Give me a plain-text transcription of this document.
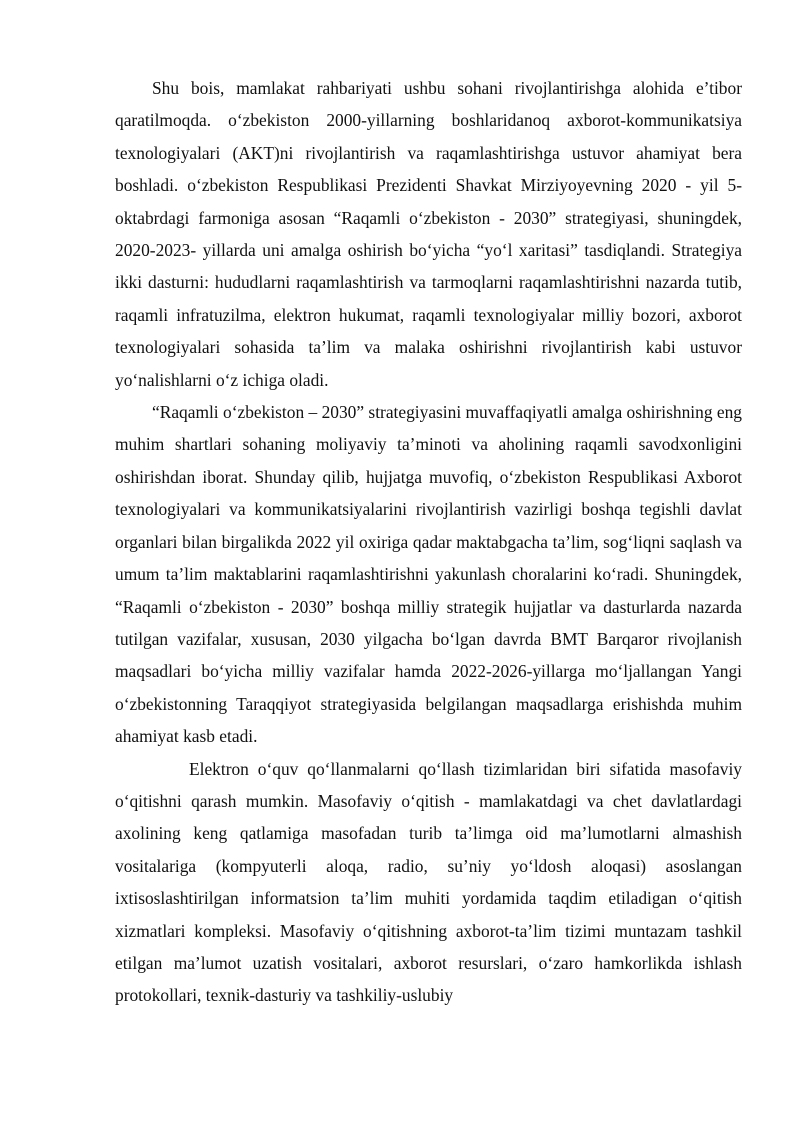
Shu bois, mamlakat rahbariyati ushbu sohani rivojlantirishga alohida e’tibor qaratilmoqda. o‘zbekiston 2000-yillarning boshlaridanoq axborot-kommunikatsiya texnologiyalari (AKT)ni rivojlantirish va raqamlashtirishga ustuvor ahamiyat bera boshladi. o‘zbekiston Respublikasi Prezidenti Shavkat Mirziyoyevning 2020 - yil 5-oktabrdagi farmoniga asosan “Raqamli o‘zbekiston - 2030” strategiyasi, shuningdek, 2020-2023- yillarda uni amalga oshirish bo‘yicha “yo‘l xaritasi” tasdiqlandi. Strategiya ikki dasturni: hududlarni raqamlashtirish va tarmoqlarni raqamlashtirishni nazarda tutib, raqamli infratuzilma, elektron hukumat, raqamli texnologiyalar milliy bozori, axborot texnologiyalari sohasida ta’lim va malaka oshirishni rivojlantirish kabi ustuvor yo‘nalishlarni o‘z ichiga oladi.

“Raqamli o‘zbekiston – 2030” strategiyasini muvaffaqiyatli amalga oshirishning eng muhim shartlari sohaning moliyaviy ta’minoti va aholining raqamli savodxonligini oshirishdan iborat. Shunday qilib, hujjatga muvofiq, o‘zbekiston Respublikasi Axborot texnologiyalari va kommunikatsiyalarini rivojlantirish vazirligi boshqa tegishli davlat organlari bilan birgalikda 2022 yil oxiriga qadar maktabgacha ta’lim, sog‘liqni saqlash va umum ta’lim maktablarini raqamlashtirishni yakunlash choralarini ko‘radi. Shuningdek, “Raqamli o‘zbekiston - 2030” boshqa milliy strategik hujjatlar va dasturlarda nazarda tutilgan vazifalar, xususan, 2030 yilgacha bo‘lgan davrda BMT Barqaror rivojlanish maqsadlari bo‘yicha milliy vazifalar hamda 2022-2026-yillarga mo‘ljallangan Yangi o‘zbekistonning Taraqqiyot strategiyasida belgilangan maqsadlarga erishishda muhim ahamiyat kasb etadi.

Elektron o‘quv qo‘llanmalarni qo‘llash tizimlaridan biri sifatida masofaviy o‘qitishni qarash mumkin. Masofaviy o‘qitish - mamlakatdagi va chet davlatlardagi axolining keng qatlamiga masofadan turib ta’limga oid ma’lumotlarni almashish vositalariga (kompyuterli aloqa, radio, su’niy yo‘ldosh aloqasi) asoslangan ixtisoslashtirilgan informatsion ta’lim muhiti yordamida taqdim etiladigan o‘qitish xizmatlari kompleksi. Masofaviy o‘qitishning axborot-ta’lim tizimi muntazam tashkil etilgan ma’lumot uzatish vositalari, axborot resurslari, o‘zaro hamkorlikda ishlash protokollari, texnik-dasturiy va tashkiliy-uslubiy
